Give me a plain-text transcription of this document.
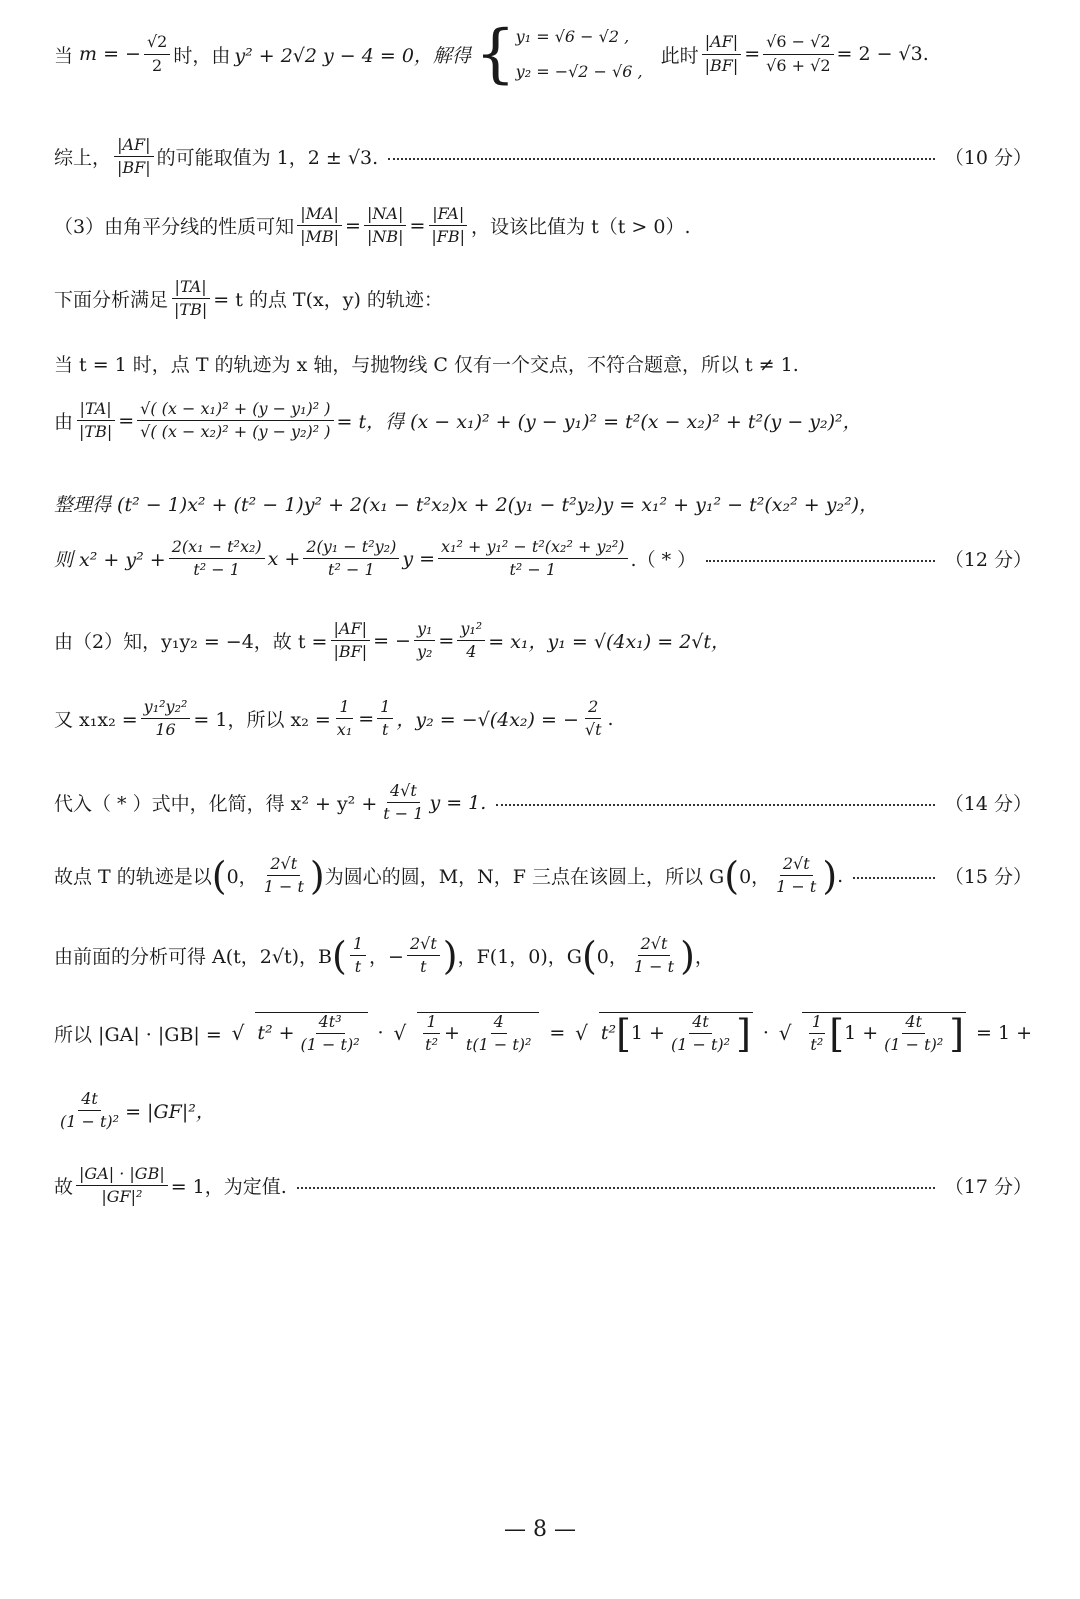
当 m = − $\frac{√2}{2}$ 时，由 y² + 2√2 y − 4 = 0，解得 { y₁ = √6 − √2 ,
y₂ = −√2 − √6 ,
此时 $\frac{|AF|}{|BF|} = \frac{√6 - √2}{√6 + √2} = 2 - √3$.
综上， $\frac{|AF|}{|BF|}$ 的可能取值为 1，2 ± √3.	（10 分）
（3）由角平分线的性质可知 $\frac{|MA|}{|MB|} = \frac{|NA|}{|NB|} = \frac{|FA|}{|FB|}$ ，设该比值为 t（t > 0）.
下面分析满足 $\frac{|TA|}{|TB|} = t$ 的点 T(x，y) 的轨迹：
当 t = 1 时，点 T 的轨迹为 x 轴，与抛物线 C 仅有一个交点，不符合题意，所以 t ≠ 1.
由 $\frac{|TA|}{|TB|} = \frac{\text{√( (x − x₁)² + (y − y₁)² )}}{\text{√( (x − x₂)² + (y − y₂)² )}} = t$，得 (x − x₁)² + (y − y₁)² = t²(x − x₂)² + t²(y − y₂)²，
整理得 (t² − 1)x² + (t² − 1)y² + 2(x₁ − t²x₂)x + 2(y₁ − t²y₂)y = x₁² + y₁² − t²(x₂² + y₂²)，
则 $x^2 + y^2 + \frac{\text{2(x₁ − t²x₂)}}{\text{t² − 1}}$ $x + \frac{\text{2(y₁ − t²y₂)}}{\text{t² − 1}}$ $y = \frac{\text{x₁² + y₁² − t²(x₂² + y₂²)}}{\text{t² − 1}}$ .（ * ）	（12 分）
由（2）知，y₁y₂ = −4，故 $t = \frac{|AF|}{|BF|}$ = − $\frac{\text{y₁}}{\text{y₂}} = \frac{\text{y₁²}}{4} = x_1$，y₁ = √(4x₁) = 2√t，
又 $x_1x_2 = \frac{\text{y₁²y₂²}}{16} = 1$，所以 $x_2 = \frac{1}{\text{x₁}} = \frac{1}{t}$ ，y₂ = −√(4x₂) = − $\frac{2}{√t}$ .
代入（ * ）式中，化简，得 $x^2 + y^2 + \frac{4√t}{t - 1}$ y = 1.	（14 分）
故点 T 的轨迹是以 ( 0， $\frac{2√t}{1 - t}$ ) 为圆心的圆，M，N，F 三点在该圆上，所以 G ( 0， $\frac{2√t}{1 - t}$ ) .	（15 分）
由前面的分析可得 A(t，2√t)，B ( $\frac{1}{t}$ ，− $\frac{2√t}{t}$ ) ，F(1，0)，G ( 0， $\frac{2√t}{1 - t}$ ) ，
所以 |GA| · |GB| = √ $t^2 + \frac{\text{4t³}}{\text{(1 − t)²}}$ · √ $\frac{1}{\text{t²}} + \frac{4}{\text{t(1 − t)²}}$ = √ $t^2[1 + \frac{4t}{\text{(1 − t)²}}$ ] · √ $\frac{1}{\text{t²}} [1 + \frac{4t}{\text{(1 − t)²}}$ ] = 1 +
$\frac{4t}{\text{(1 − t)²}} = |GF|^2$，
故 $\frac{|GA| \cdot |GB|}{\text{|GF|²}} = 1$，为定值.	（17 分）
— 8 —
